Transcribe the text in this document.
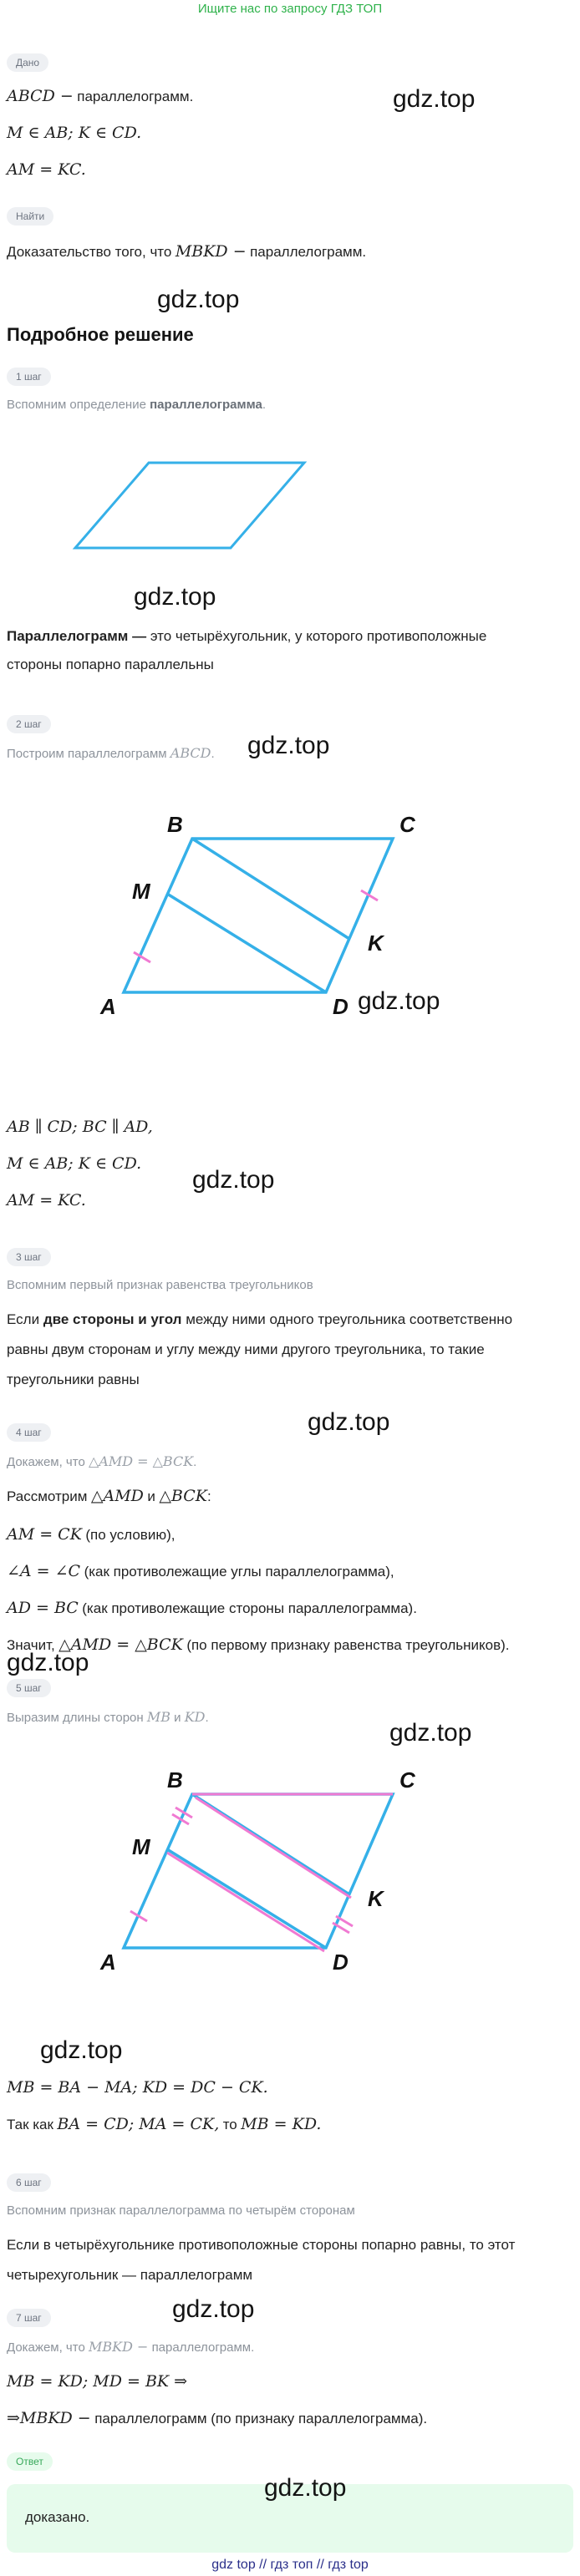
Ищите нас по запросу ГДЗ ТОП
Дано
ABCD − параллелограмм.
M ∈ AB; K ∈ CD.
AM = KC.
gdz.top
Найти
Доказательство того, что MBKD − параллелограмм.
gdz.top
Подробное решение
1 шаг
Вспомним определение параллелограмма.
gdz.top
Параллелограмм — это четырёхугольник, у которого противоположные
стороны попарно параллельны
2 шаг
Построим параллелограмм ABCD. gdz.top
B	C
A	D
M
K
gdz.top
AB ∥ CD; BC ∥ AD,
M ∈ AB; K ∈ CD.
AM = KC.
gdz.top
3 шаг
Вспомним первый признак равенства треугольников
Если две стороны и угол между ними одного треугольника соответственно
равны двум сторонам и углу между ними другого треугольника, то такие
треугольники равны
gdz.top
4 шаг
Докажем, что △AMD = △BCK.
Рассмотрим △AMD и △BCK:
AM = CK (по условию),
∠A = ∠C (как противолежащие углы параллелограмма),
AD = BC (как противолежащие стороны параллелограмма).
Значит, △AMD = △BCK (по первому признаку равенства треугольников).
gdz.top
5 шаг
Выразим длины сторон MB и KD.
gdz.top
B	C
A	D
M
K
gdz.top
MB = BA − MA; KD = DC − CK.
Так как BA = CD; MA = CK, то MB = KD.
6 шаг
Вспомним признак параллелограмма по четырём сторонам
Если в четырёхугольнике противоположные стороны попарно равны, то этот
четырехугольник — параллелограмм
gdz.top
7 шаг
Докажем, что MBKD − параллелограмм.
MB = KD; MD = BK ⇒
⇒MBKD − параллелограмм (по признаку параллелограмма).
Ответ
доказано.
gdz.top
gdz top // гдз топ // гдз top
